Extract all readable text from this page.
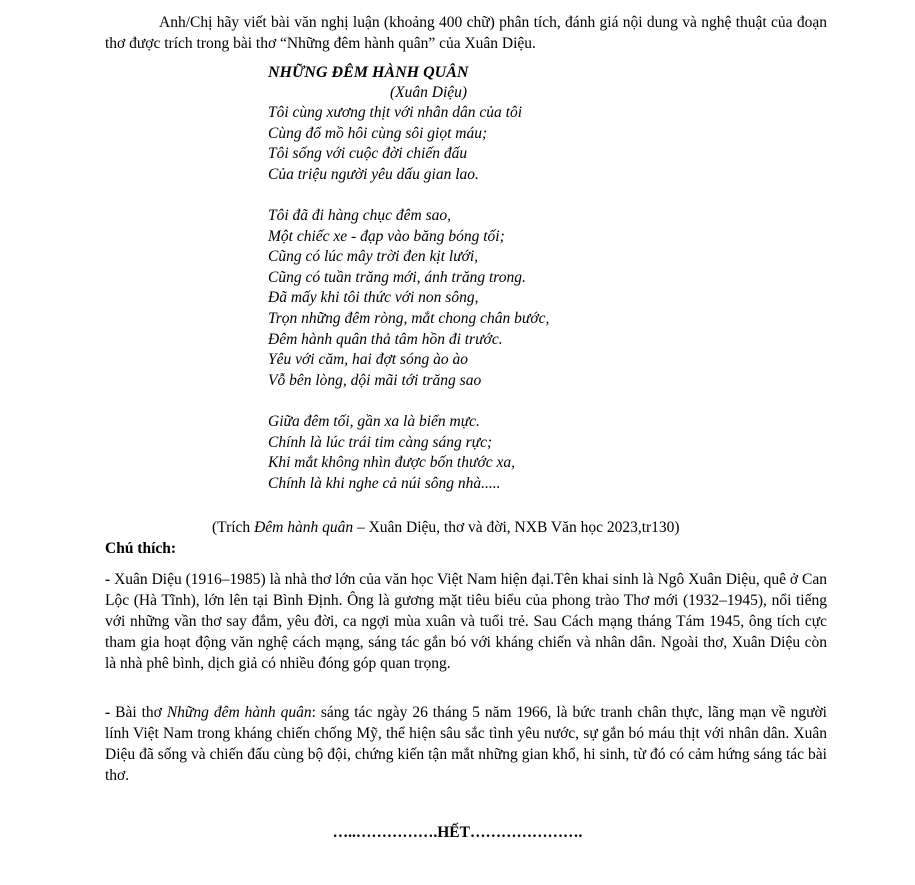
Anh/Chị hãy viết bài văn nghị luận (khoảng 400 chữ) phân tích, đánh giá nội dung và nghệ thuật của đoạn thơ được trích trong bài thơ “Những đêm hành quân” của Xuân Diệu.

NHỮNG ĐÊM HÀNH QUÂN

(Xuân Diệu)

Tôi cùng xương thịt với nhân dân của tôi
Cùng đổ mồ hôi cùng sôi giọt máu;
Tôi sống với cuộc đời chiến đấu
Của triệu người yêu dấu gian lao.
Tôi đã đi hàng chục đêm sao,
Một chiếc xe - đạp vào băng bóng tối;
Cũng có lúc mây trời đen kịt lưới,
Cũng có tuần trăng mới, ánh trăng trong.
Đã mấy khi tôi thức với non sông,
Trọn những đêm ròng, mắt chong chân bước,
Đêm hành quân thả tâm hồn đi trước.
Yêu với căm, hai đợt sóng ào ào
Vỗ bên lòng, dội mãi tới trăng sao
Giữa đêm tối, gần xa là biển mực.
Chính là lúc trái tim càng sáng rực;
Khi mắt không nhìn được bốn thước xa,
Chính là khi nghe cả núi sông nhà.....
(Trích Đêm hành quân – Xuân Diệu, thơ và đời, NXB Văn học 2023,tr130)

Chú thích:

- Xuân Diệu (1916–1985) là nhà thơ lớn của văn học Việt Nam hiện đại.Tên khai sinh là Ngô Xuân Diệu, quê ở Can Lộc (Hà Tĩnh), lớn lên tại Bình Định. Ông là gương mặt tiêu biểu của phong trào Thơ mới (1932–1945), nổi tiếng với những vần thơ say đắm, yêu đời, ca ngợi mùa xuân và tuổi trẻ. Sau Cách mạng tháng Tám 1945, ông tích cực tham gia hoạt động văn nghệ cách mạng, sáng tác gắn bó với kháng chiến và nhân dân. Ngoài thơ, Xuân Diệu còn là nhà phê bình, dịch giả có nhiều đóng góp quan trọng.

- Bài thơ Những đêm hành quân: sáng tác ngày 26 tháng 5 năm 1966, là bức tranh chân thực, lãng mạn về người lính Việt Nam trong kháng chiến chống Mỹ, thể hiện sâu sắc tình yêu nước, sự gắn bó máu thịt với nhân dân. Xuân Diệu đã sống và chiến đấu cùng bộ đội, chứng kiến tận mắt những gian khổ, hi sinh, từ đó có cảm hứng sáng tác bài thơ.

…..…………….HẾT………………….
